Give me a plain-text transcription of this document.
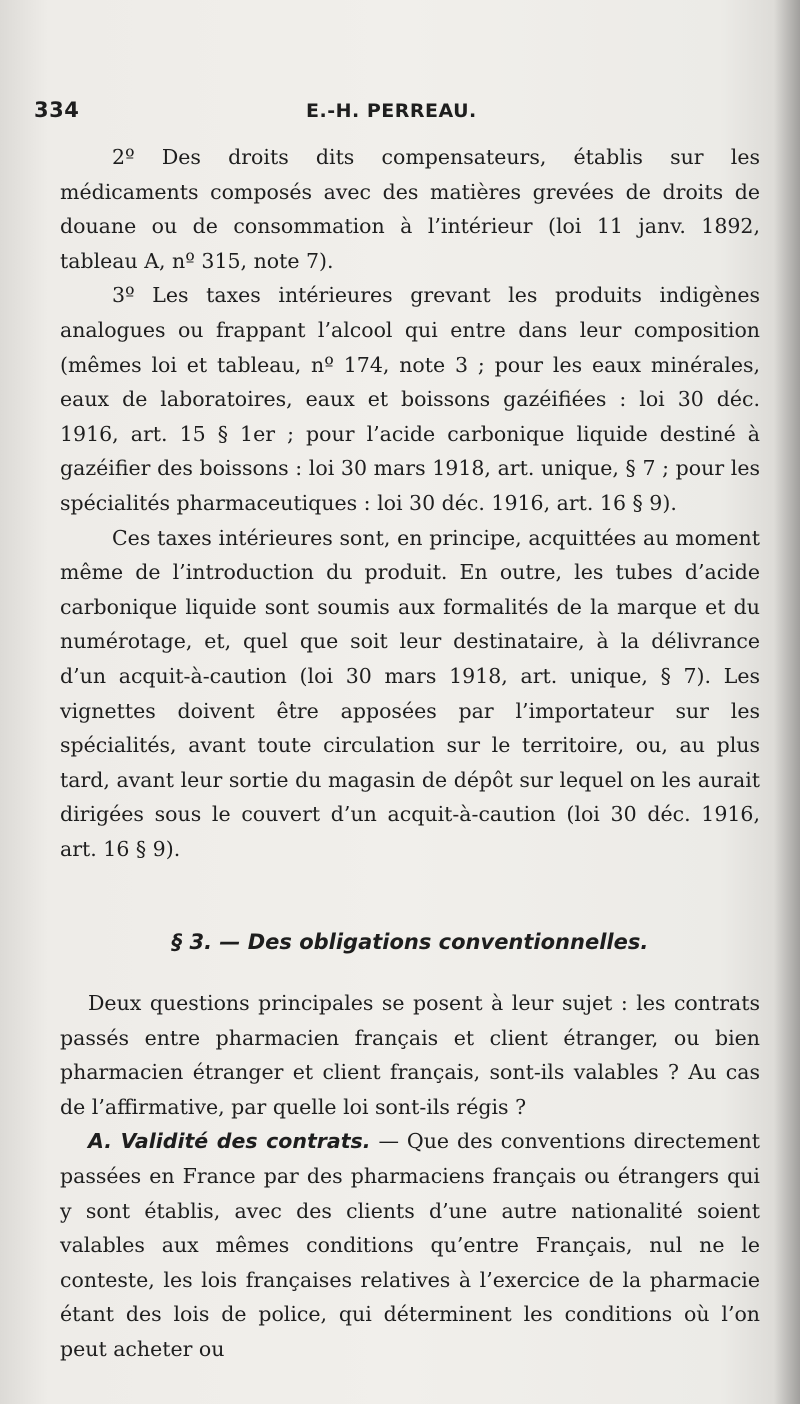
334	E.-H. PERREAU.

2º Des droits dits compensateurs, établis sur les médicaments composés avec des matières grevées de droits de douane ou de consommation à l’intérieur (loi 11 janv. 1892, tableau A, nº 315, note 7).

3º Les taxes intérieures grevant les produits indigènes analogues ou frappant l’alcool qui entre dans leur composition (mêmes loi et tableau, nº 174, note 3 ; pour les eaux minérales, eaux de laboratoires, eaux et boissons gazéifiées : loi 30 déc. 1916, art. 15 § 1er ; pour l’acide carbonique liquide destiné à gazéifier des boissons : loi 30 mars 1918, art. unique, § 7 ; pour les spécialités pharmaceutiques : loi 30 déc. 1916, art. 16 § 9).

Ces taxes intérieures sont, en principe, acquittées au moment même de l’introduction du produit. En outre, les tubes d’acide carbonique liquide sont soumis aux formalités de la marque et du numérotage, et, quel que soit leur destinataire, à la délivrance d’un acquit-à-caution (loi 30 mars 1918, art. unique, § 7). Les vignettes doivent être apposées par l’importateur sur les spécialités, avant toute circulation sur le territoire, ou, au plus tard, avant leur sortie du magasin de dépôt sur lequel on les aurait dirigées sous le couvert d’un acquit-à-caution (loi 30 déc. 1916, art. 16 § 9).

§ 3. — Des obligations conventionnelles.

Deux questions principales se posent à leur sujet : les contrats passés entre pharmacien français et client étranger, ou bien pharmacien étranger et client français, sont-ils valables ? Au cas de l’affirmative, par quelle loi sont-ils régis ?

A. Validité des contrats. — Que des conventions directement passées en France par des pharmaciens français ou étrangers qui y sont établis, avec des clients d’une autre nationalité soient valables aux mêmes conditions qu’entre Français, nul ne le conteste, les lois françaises relatives à l’exercice de la pharmacie étant des lois de police, qui déterminent les conditions où l’on peut acheter ou
